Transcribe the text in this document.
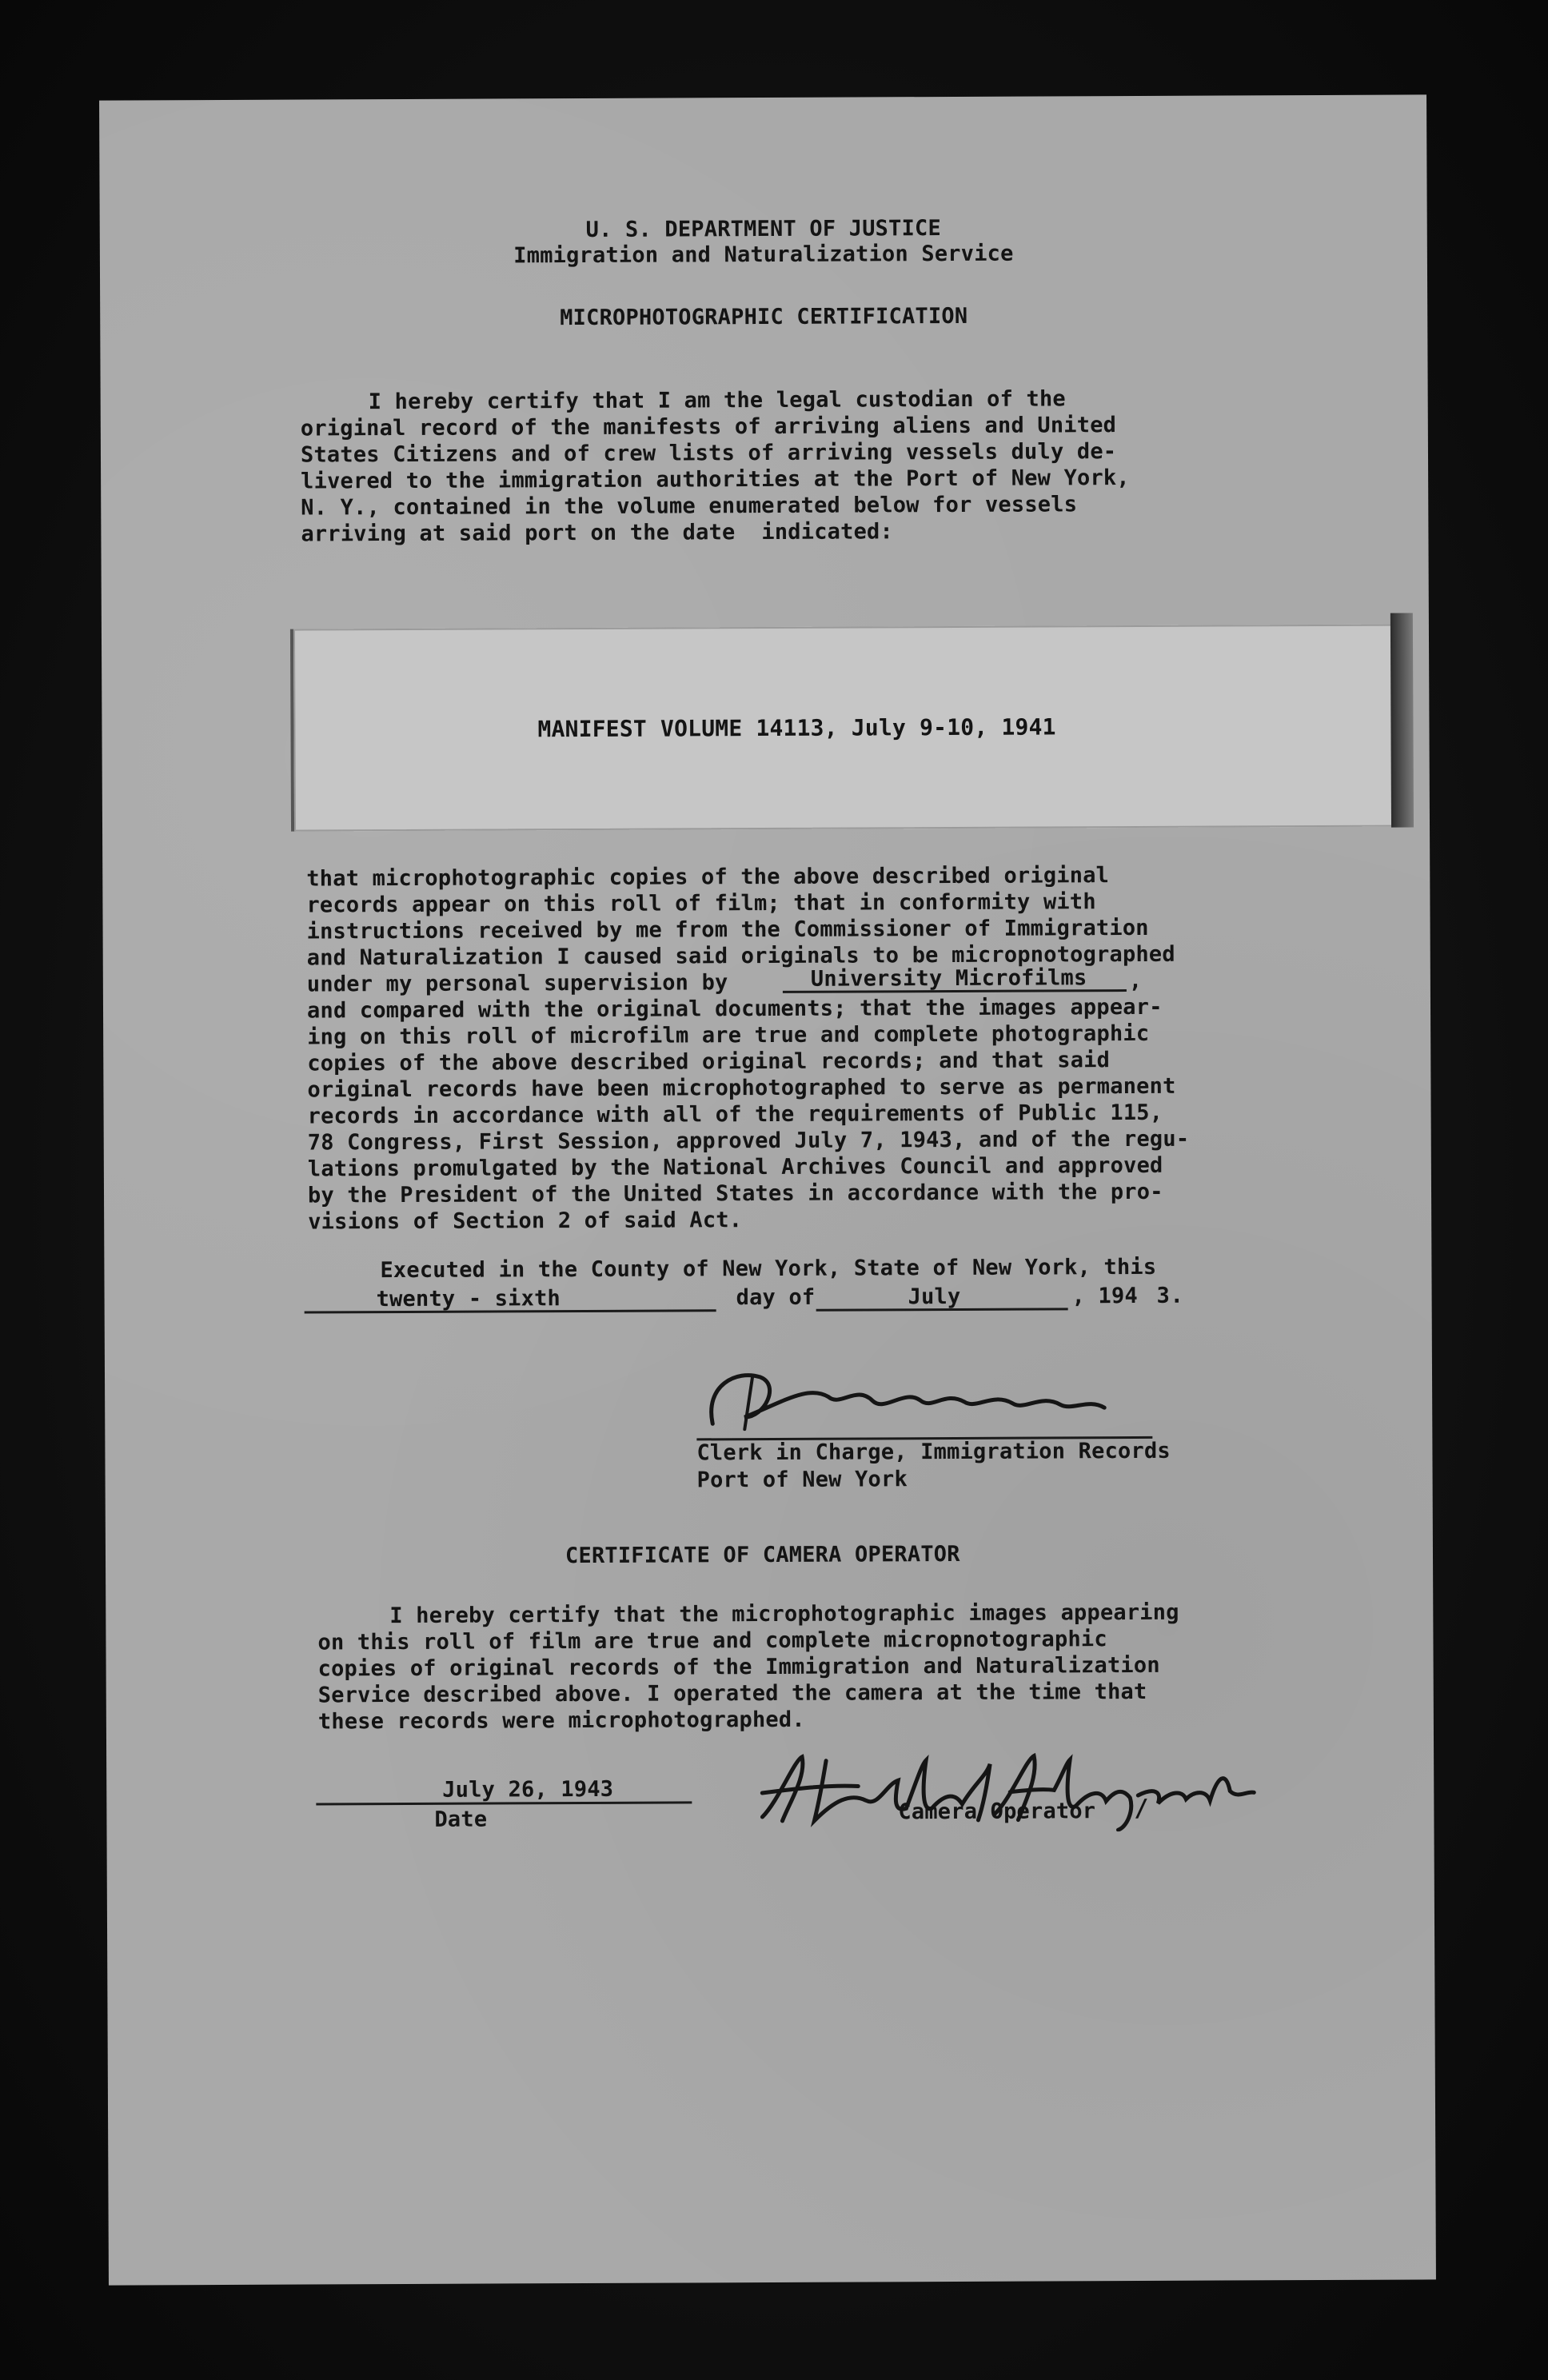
U. S. DEPARTMENT OF JUSTICE
Immigration and Naturalization Service
MICROPHOTOGRAPHIC CERTIFICATION
I hereby certify that I am the legal custodian of the
original record of the manifests of arriving aliens and United
States Citizens and of crew lists of arriving vessels duly de-
livered to the immigration authorities at the Port of New York,
N. Y., contained in the volume enumerated below for vessels
arriving at said port on the date  indicated:
MANIFEST VOLUME 14113, July 9-10, 1941
that microphotographic copies of the above described original
records appear on this roll of film; that in conformity with
instructions received by me from the Commissioner of Immigration
and Naturalization I caused said originals to be micropnotographed
under my personal supervision by	University Microfilms ,
and compared with the original documents; that the images appear-
ing on this roll of microfilm are true and complete photographic
copies of the above described original records; and that said
original records have been microphotographed to serve as permanent
records in accordance with all of the requirements of Public 115,
78 Congress, First Session, approved July 7, 1943, and of the regu-
lations promulgated by the National Archives Council and approved
by the President of the United States in accordance with the pro-
visions of Section 2 of said Act.
Executed in the County of New York, State of New York, this
twenty - sixth	day of	July	, 194 3 .
Clerk in Charge, Immigration Records
Port of New York
CERTIFICATE OF CAMERA OPERATOR
I hereby certify that the microphotographic images appearing
on this roll of film are true and complete micropnotographic
copies of original records of the Immigration and Naturalization
Service described above. I operated the camera at the time that
these records were microphotographed.
July 26, 1943
Date	Camera Operator /
